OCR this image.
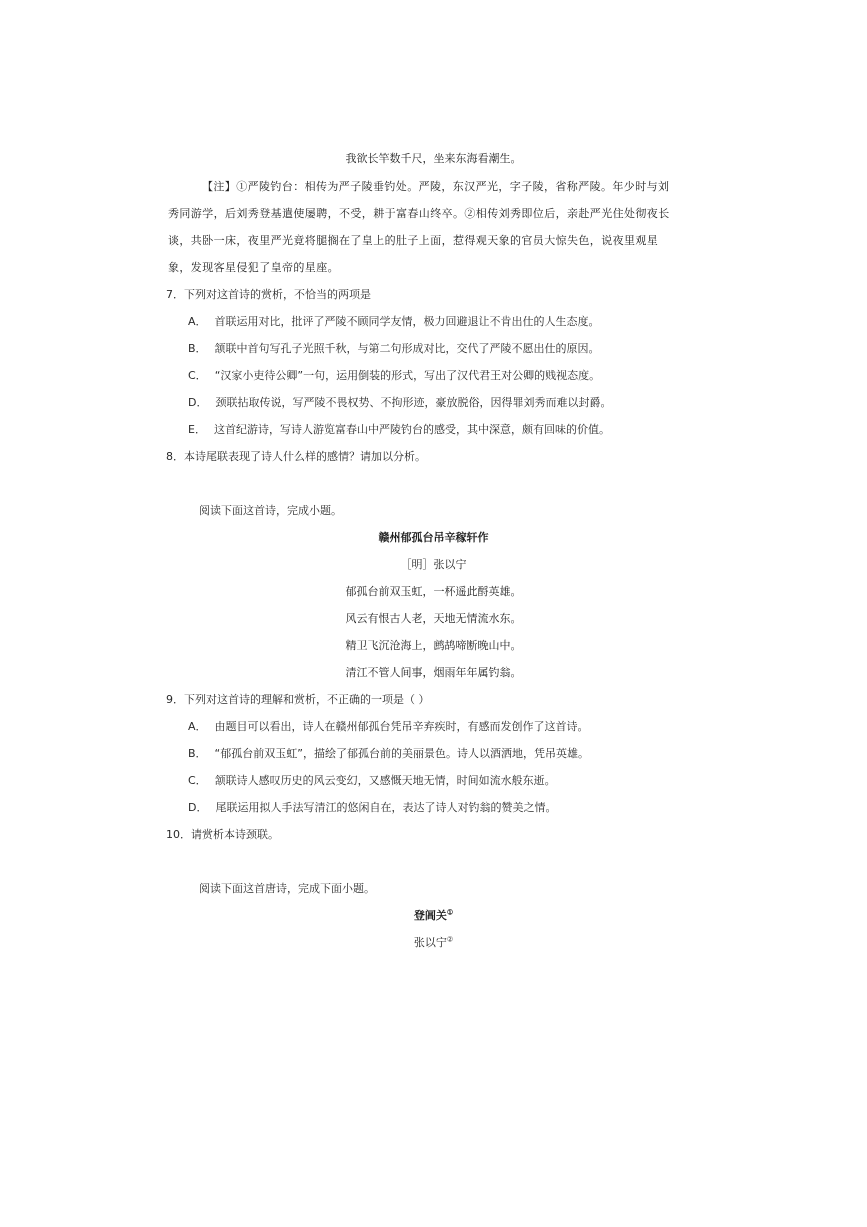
我欲长竿数千尺，坐来东海看潮生。
【注】①严陵钓台：相传为严子陵垂钓处。严陵，东汉严光，字子陵，省称严陵。年少时与刘秀同游学，后刘秀登基遣使屡聘，不受，耕于富春山终卒。②相传刘秀即位后，亲赴严光住处彻夜长谈，共卧一床，夜里严光竟将腿搁在了皇上的肚子上面，惹得观天象的官员大惊失色，说夜里观星象，发现客星侵犯了皇帝的星座。
7．下列对这首诗的赏析，不恰当的两项是
A． 首联运用对比，批评了严陵不顾同学友情，极力回避退让不肯出仕的人生态度。
B． 颔联中首句写孔子光照千秋，与第二句形成对比，交代了严陵不愿出仕的原因。
C． “汉家小吏待公卿”一句，运用倒装的形式，写出了汉代君王对公卿的贱视态度。
D． 颈联拈取传说，写严陵不畏权势、不拘形迹，豪放脱俗，因得罪刘秀而难以封爵。
E． 这首纪游诗，写诗人游览富春山中严陵钓台的感受，其中深意，颇有回味的价值。
8．本诗尾联表现了诗人什么样的感情？请加以分析。
阅读下面这首诗，完成小题。
赣州郁孤台吊辛稼轩作
［明］张以宁
郁孤台前双玉虹，一杯遥此酹英雄。
风云有恨古人老，天地无情流水东。
精卫飞沉沧海上，鹧鸪啼断晚山中。
清江不管人间事，烟雨年年属钓翁。
9．下列对这首诗的理解和赏析，不正确的一项是（ ）
A． 由题目可以看出，诗人在赣州郁孤台凭吊辛弃疾时，有感而发创作了这首诗。
B． “郁孤台前双玉虹”，描绘了郁孤台前的美丽景色。诗人以酒洒地，凭吊英雄。
C． 颔联诗人感叹历史的风云变幻，又感慨天地无情，时间如流水般东逝。
D． 尾联运用拟人手法写清江的悠闲自在，表达了诗人对钓翁的赞美之情。
10．请赏析本诗颈联。
阅读下面这首唐诗，完成下面小题。
登阊关①
张以宁②
